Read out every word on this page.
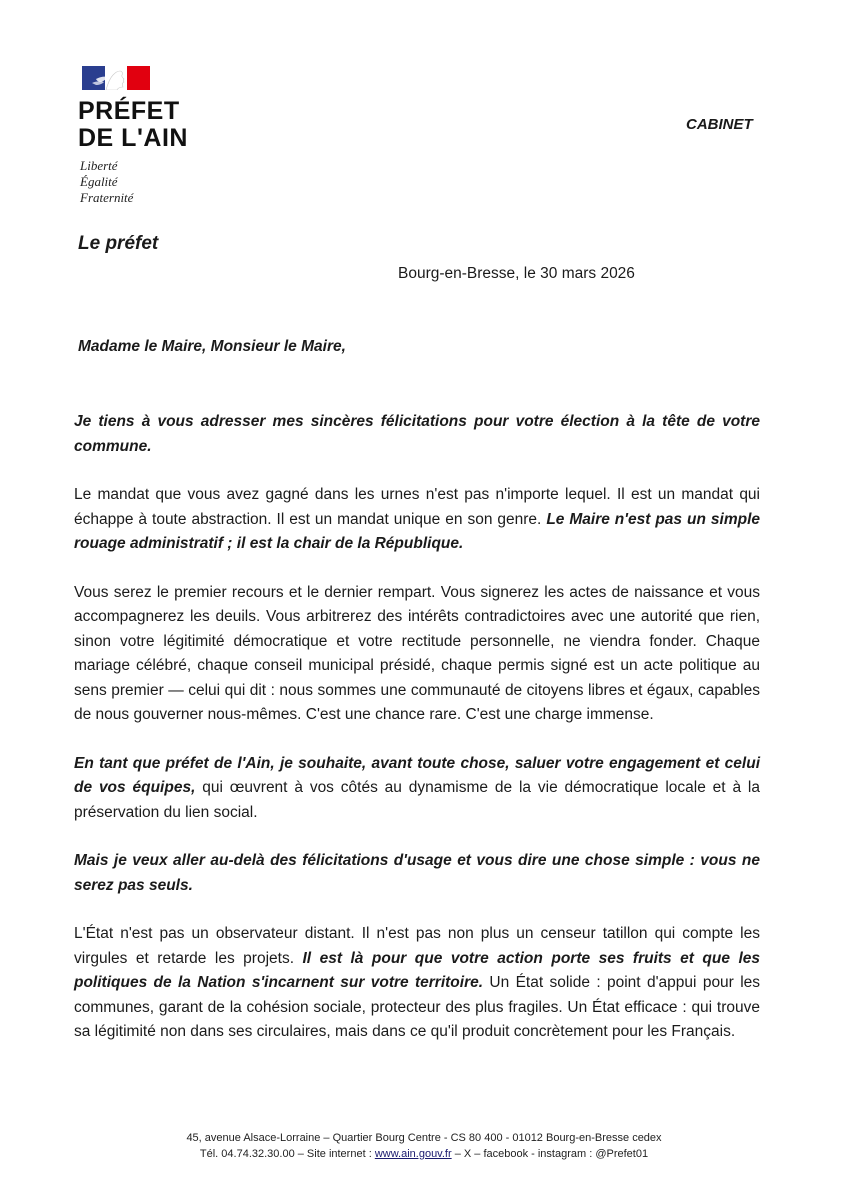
PRÉFET
DE L'AIN
Liberté
Égalité
Fraternité
CABINET
Le préfet
Bourg-en-Bresse, le 30 mars 2026
Madame le Maire, Monsieur le Maire,

Je tiens à vous adresser mes sincères félicitations pour votre élection à la tête de votre commune.

Le mandat que vous avez gagné dans les urnes n'est pas n'importe lequel. Il est un mandat qui échappe à toute abstraction. Il est un mandat unique en son genre. Le Maire n'est pas un simple rouage administratif ; il est la chair de la République.

Vous serez le premier recours et le dernier rempart. Vous signerez les actes de naissance et vous accompagnerez les deuils. Vous arbitrerez des intérêts contradictoires avec une autorité que rien, sinon votre légitimité démocratique et votre rectitude personnelle, ne viendra fonder. Chaque mariage célébré, chaque conseil municipal présidé, chaque permis signé est un acte politique au sens premier — celui qui dit : nous sommes une communauté de citoyens libres et égaux, capables de nous gouverner nous-mêmes. C'est une chance rare. C'est une charge immense.

En tant que préfet de l'Ain, je souhaite, avant toute chose, saluer votre engagement et celui de vos équipes, qui œuvrent à vos côtés au dynamisme de la vie démocratique locale et à la préservation du lien social.

Mais je veux aller au-delà des félicitations d'usage et vous dire une chose simple : vous ne serez pas seuls.

L'État n'est pas un observateur distant. Il n'est pas non plus un censeur tatillon qui compte les virgules et retarde les projets. Il est là pour que votre action porte ses fruits et que les politiques de la Nation s'incarnent sur votre territoire. Un État solide : point d'appui pour les communes, garant de la cohésion sociale, protecteur des plus fragiles. Un État efficace : qui trouve sa légitimité non dans ses circulaires, mais dans ce qu'il produit concrètement pour les Français.

45, avenue Alsace-Lorraine – Quartier Bourg Centre - CS 80 400 - 01012 Bourg-en-Bresse cedex
Tél. 04.74.32.30.00 – Site internet : www.ain.gouv.fr – X – facebook - instagram : @Prefet01
